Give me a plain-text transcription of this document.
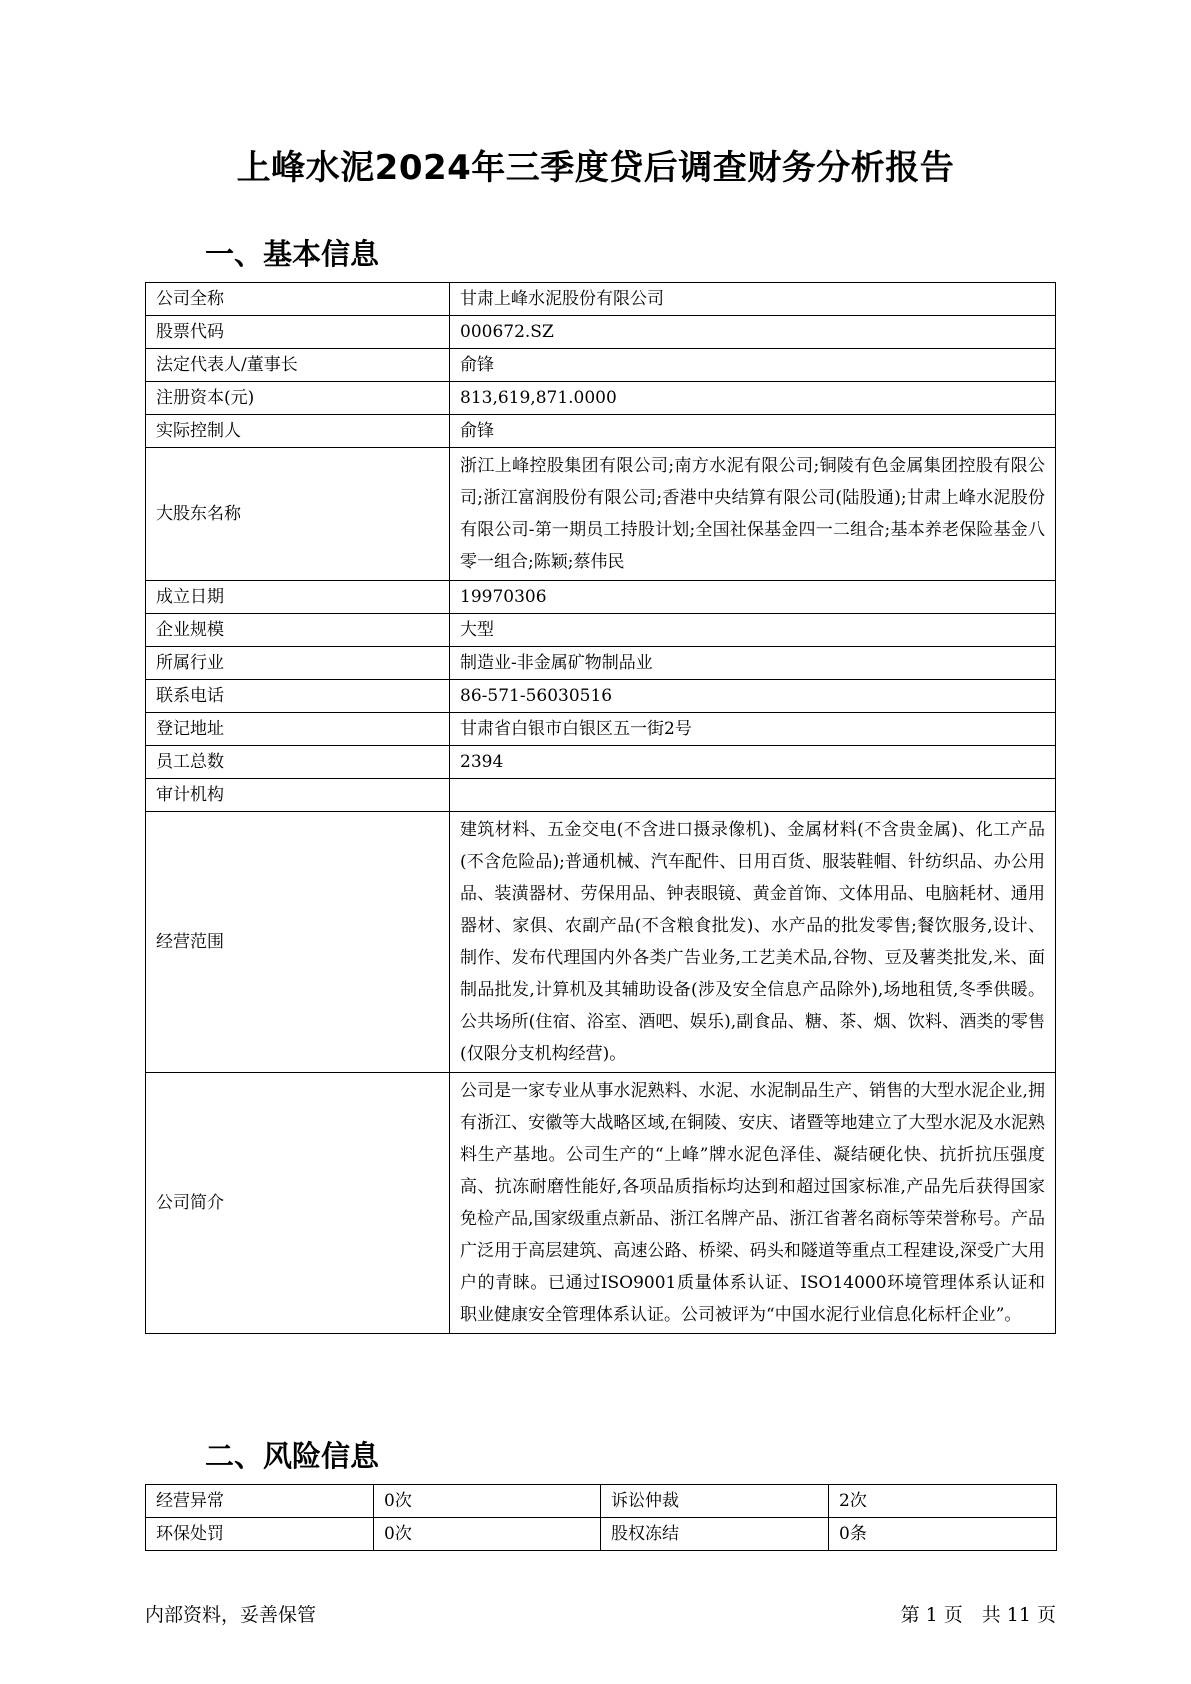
上峰水泥2024年三季度贷后调查财务分析报告
一、基本信息
公司全称	甘肃上峰水泥股份有限公司
股票代码	000672.SZ
法定代表人/董事长	俞锋
注册资本(元)	813,619,871.0000
实际控制人	俞锋
大股东名称	浙江上峰控股集团有限公司;南方水泥有限公司;铜陵有色金属集团控股有限公司;浙江富润股份有限公司;香港中央结算有限公司(陆股通);甘肃上峰水泥股份有限公司-第一期员工持股计划;全国社保基金四一二组合;基本养老保险基金八零一组合;陈颖;蔡伟民
成立日期	19970306
企业规模	大型
所属行业	制造业-非金属矿物制品业
联系电话	86-571-56030516
登记地址	甘肃省白银市白银区五一街2号
员工总数	2394
审计机构	
经营范围	建筑材料、五金交电(不含进口摄录像机)、金属材料(不含贵金属)、化工产品(不含危险品);普通机械、汽车配件、日用百货、服装鞋帽、针纺织品、办公用品、装潢器材、劳保用品、钟表眼镜、黄金首饰、文体用品、电脑耗材、通用器材、家俱、农副产品(不含粮食批发)、水产品的批发零售;餐饮服务,设计、制作、发布代理国内外各类广告业务,工艺美术品,谷物、豆及薯类批发,米、面制品批发,计算机及其辅助设备(涉及安全信息产品除外),场地租赁,冬季供暖。公共场所(住宿、浴室、酒吧、娱乐),副食品、糖、茶、烟、饮料、酒类的零售(仅限分支机构经营)。
公司简介	公司是一家专业从事水泥熟料、水泥、水泥制品生产、销售的大型水泥企业,拥有浙江、安徽等大战略区域,在铜陵、安庆、诸暨等地建立了大型水泥及水泥熟料生产基地。公司生产的“上峰”牌水泥色泽佳、凝结硬化快、抗折抗压强度高、抗冻耐磨性能好,各项品质指标均达到和超过国家标准,产品先后获得国家免检产品,国家级重点新品、浙江名牌产品、浙江省著名商标等荣誉称号。产品广泛用于高层建筑、高速公路、桥梁、码头和隧道等重点工程建设,深受广大用户的青睐。已通过ISO9001质量体系认证、ISO14000环境管理体系认证和职业健康安全管理体系认证。公司被评为“中国水泥行业信息化标杆企业”。
二、风险信息
经营异常	0次	诉讼仲裁	2次
环保处罚	0次	股权冻结	0条
内部资料，妥善保管	第 1 页　共 11 页
